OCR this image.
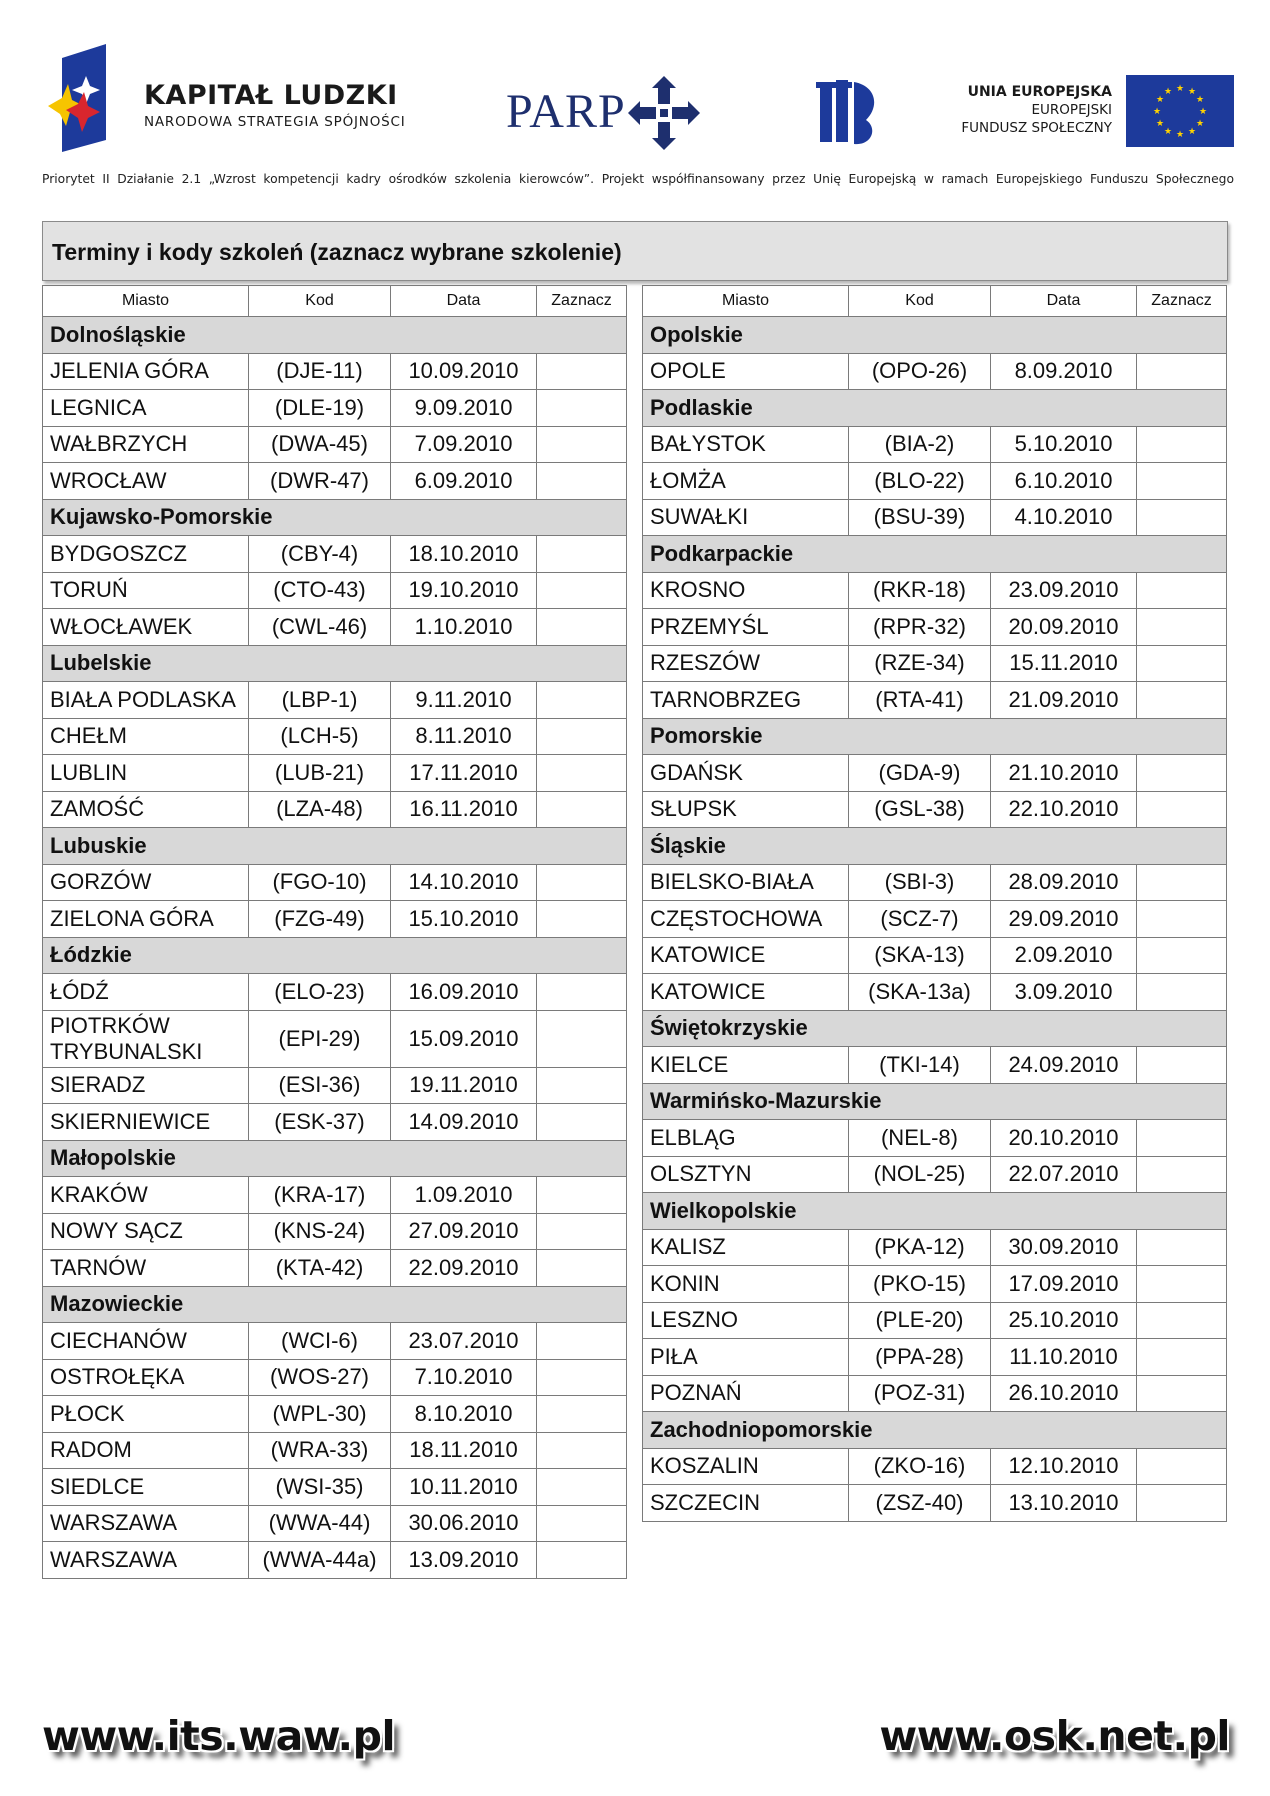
KAPITAŁ LUDZKI
NARODOWA STRATEGIA SPÓJNOŚCI PARP	UNIA EUROPEJSKA
EUROPEJSKI
FUNDUSZ SPOŁECZNY
★ ★
★
★
★
★
★
★
★
★
★
★
Priorytet II Działanie 2.1 „Wzrost kompetencji kadry ośrodków szkolenia kierowców”. Projekt współfinansowany przez Unię Europejską w ramach Europejskiego Funduszu Społecznego
Terminy i kody szkoleń (zaznacz wybrane szkolenie)
Miasto	Kod	Data	Zaznacz
Dolnośląskie			
JELENIA GÓRA	(DJE-11)	10.09.2010	
LEGNICA	(DLE-19)	9.09.2010	
WAŁBRZYCH	(DWA-45)	7.09.2010	
WROCŁAW	(DWR-47)	6.09.2010	
Kujawsko-Pomorskie			
BYDGOSZCZ	(CBY-4)	18.10.2010	
TORUŃ	(CTO-43)	19.10.2010	
WŁOCŁAWEK	(CWL-46)	1.10.2010	
Lubelskie			
BIAŁA PODLASKA	(LBP-1)	9.11.2010	
CHEŁM	(LCH-5)	8.11.2010	
LUBLIN	(LUB-21)	17.11.2010	
ZAMOŚĆ	(LZA-48)	16.11.2010	
Lubuskie			
GORZÓW	(FGO-10)	14.10.2010	
ZIELONA GÓRA	(FZG-49)	15.10.2010	
Łódzkie			
ŁÓDŹ	(ELO-23)	16.09.2010	
PIOTRKÓW TRYBUNALSKI	(EPI-29)	15.09.2010	
SIERADZ	(ESI-36)	19.11.2010	
SKIERNIEWICE	(ESK-37)	14.09.2010	
Małopolskie			
KRAKÓW	(KRA-17)	1.09.2010	
NOWY SĄCZ	(KNS-24)	27.09.2010	
TARNÓW	(KTA-42)	22.09.2010	
Mazowieckie			
CIECHANÓW	(WCI-6)	23.07.2010	
OSTROŁĘKA	(WOS-27)	7.10.2010	
PŁOCK	(WPL-30)	8.10.2010	
RADOM	(WRA-33)	18.11.2010	
SIEDLCE	(WSI-35)	10.11.2010	
WARSZAWA	(WWA-44)	30.06.2010	
WARSZAWA	(WWA-44a)	13.09.2010	
Miasto	Kod	Data	Zaznacz
Opolskie			
OPOLE	(OPO-26)	8.09.2010	
Podlaskie			
BAŁYSTOK	(BIA-2)	5.10.2010	
ŁOMŻA	(BLO-22)	6.10.2010	
SUWAŁKI	(BSU-39)	4.10.2010	
Podkarpackie			
KROSNO	(RKR-18)	23.09.2010	
PRZEMYŚL	(RPR-32)	20.09.2010	
RZESZÓW	(RZE-34)	15.11.2010	
TARNOBRZEG	(RTA-41)	21.09.2010	
Pomorskie			
GDAŃSK	(GDA-9)	21.10.2010	
SŁUPSK	(GSL-38)	22.10.2010	
Śląskie			
BIELSKO-BIAŁA	(SBI-3)	28.09.2010	
CZĘSTOCHOWA	(SCZ-7)	29.09.2010	
KATOWICE	(SKA-13)	2.09.2010	
KATOWICE	(SKA-13a)	3.09.2010	
Świętokrzyskie			
KIELCE	(TKI-14)	24.09.2010	
Warmińsko-Mazurskie			
ELBLĄG	(NEL-8)	20.10.2010	
OLSZTYN	(NOL-25)	22.07.2010	
Wielkopolskie			
KALISZ	(PKA-12)	30.09.2010	
KONIN	(PKO-15)	17.09.2010	
LESZNO	(PLE-20)	25.10.2010	
PIŁA	(PPA-28)	11.10.2010	
POZNAŃ	(POZ-31)	26.10.2010	
Zachodniopomorskie			
KOSZALIN	(ZKO-16)	12.10.2010	
SZCZECIN	(ZSZ-40)	13.10.2010	
www.its.waw.pl	www.osk.net.pl
